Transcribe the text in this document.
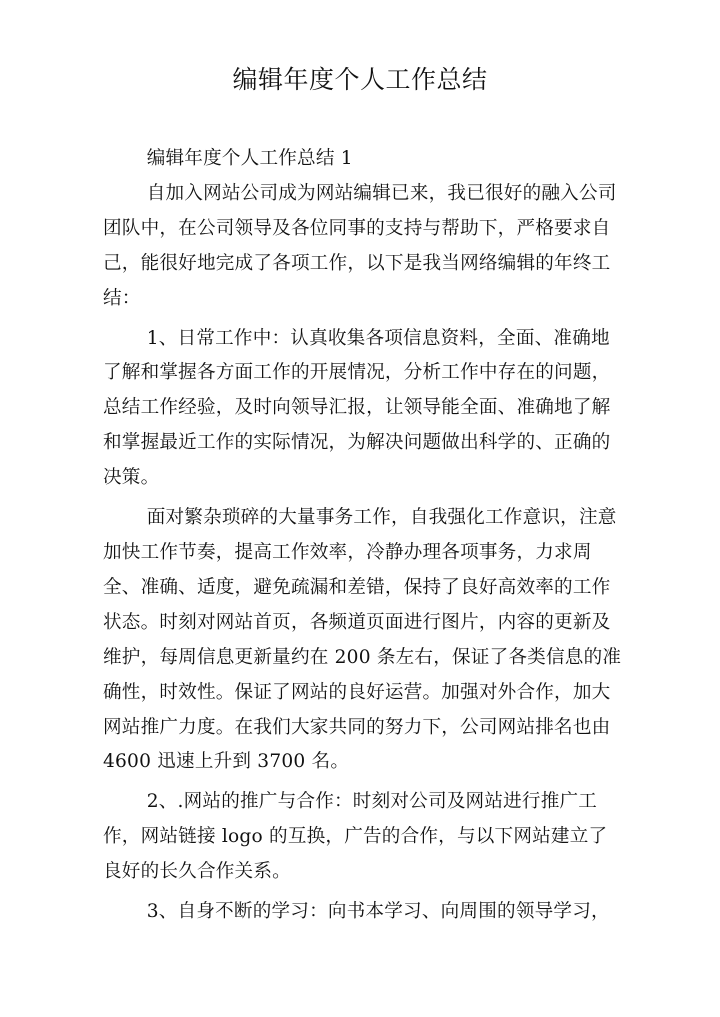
编辑年度个人工作总结

编辑年度个人工作总结 1

自加入网站公司成为网站编辑已来，我已很好的融入公司团队中，在公司领导及各位同事的支持与帮助下，严格要求自己，能很好地完成了各项工作，以下是我当网络编辑的年终工结：

1、日常工作中：认真收集各项信息资料，全面、准确地了解和掌握各方面工作的开展情况，分析工作中存在的问题，总结工作经验，及时向领导汇报，让领导能全面、准确地了解和掌握最近工作的实际情况，为解决问题做出科学的、正确的决策。

面对繁杂琐碎的大量事务工作，自我强化工作意识，注意加快工作节奏，提高工作效率，冷静办理各项事务，力求周全、准确、适度，避免疏漏和差错，保持了良好高效率的工作状态。时刻对网站首页，各频道页面进行图片，内容的更新及维护，每周信息更新量约在 200 条左右，保证了各类信息的准确性，时效性。保证了网站的良好运营。加强对外合作，加大网站推广力度。在我们大家共同的努力下，公司网站排名也由 4600 迅速上升到 3700 名。

2、.网站的推广与合作：时刻对公司及网站进行推广工作，网站链接 logo 的互换，广告的合作，与以下网站建立了良好的长久合作关系。

3、自身不断的学习：向书本学习、向周围的领导学习，
